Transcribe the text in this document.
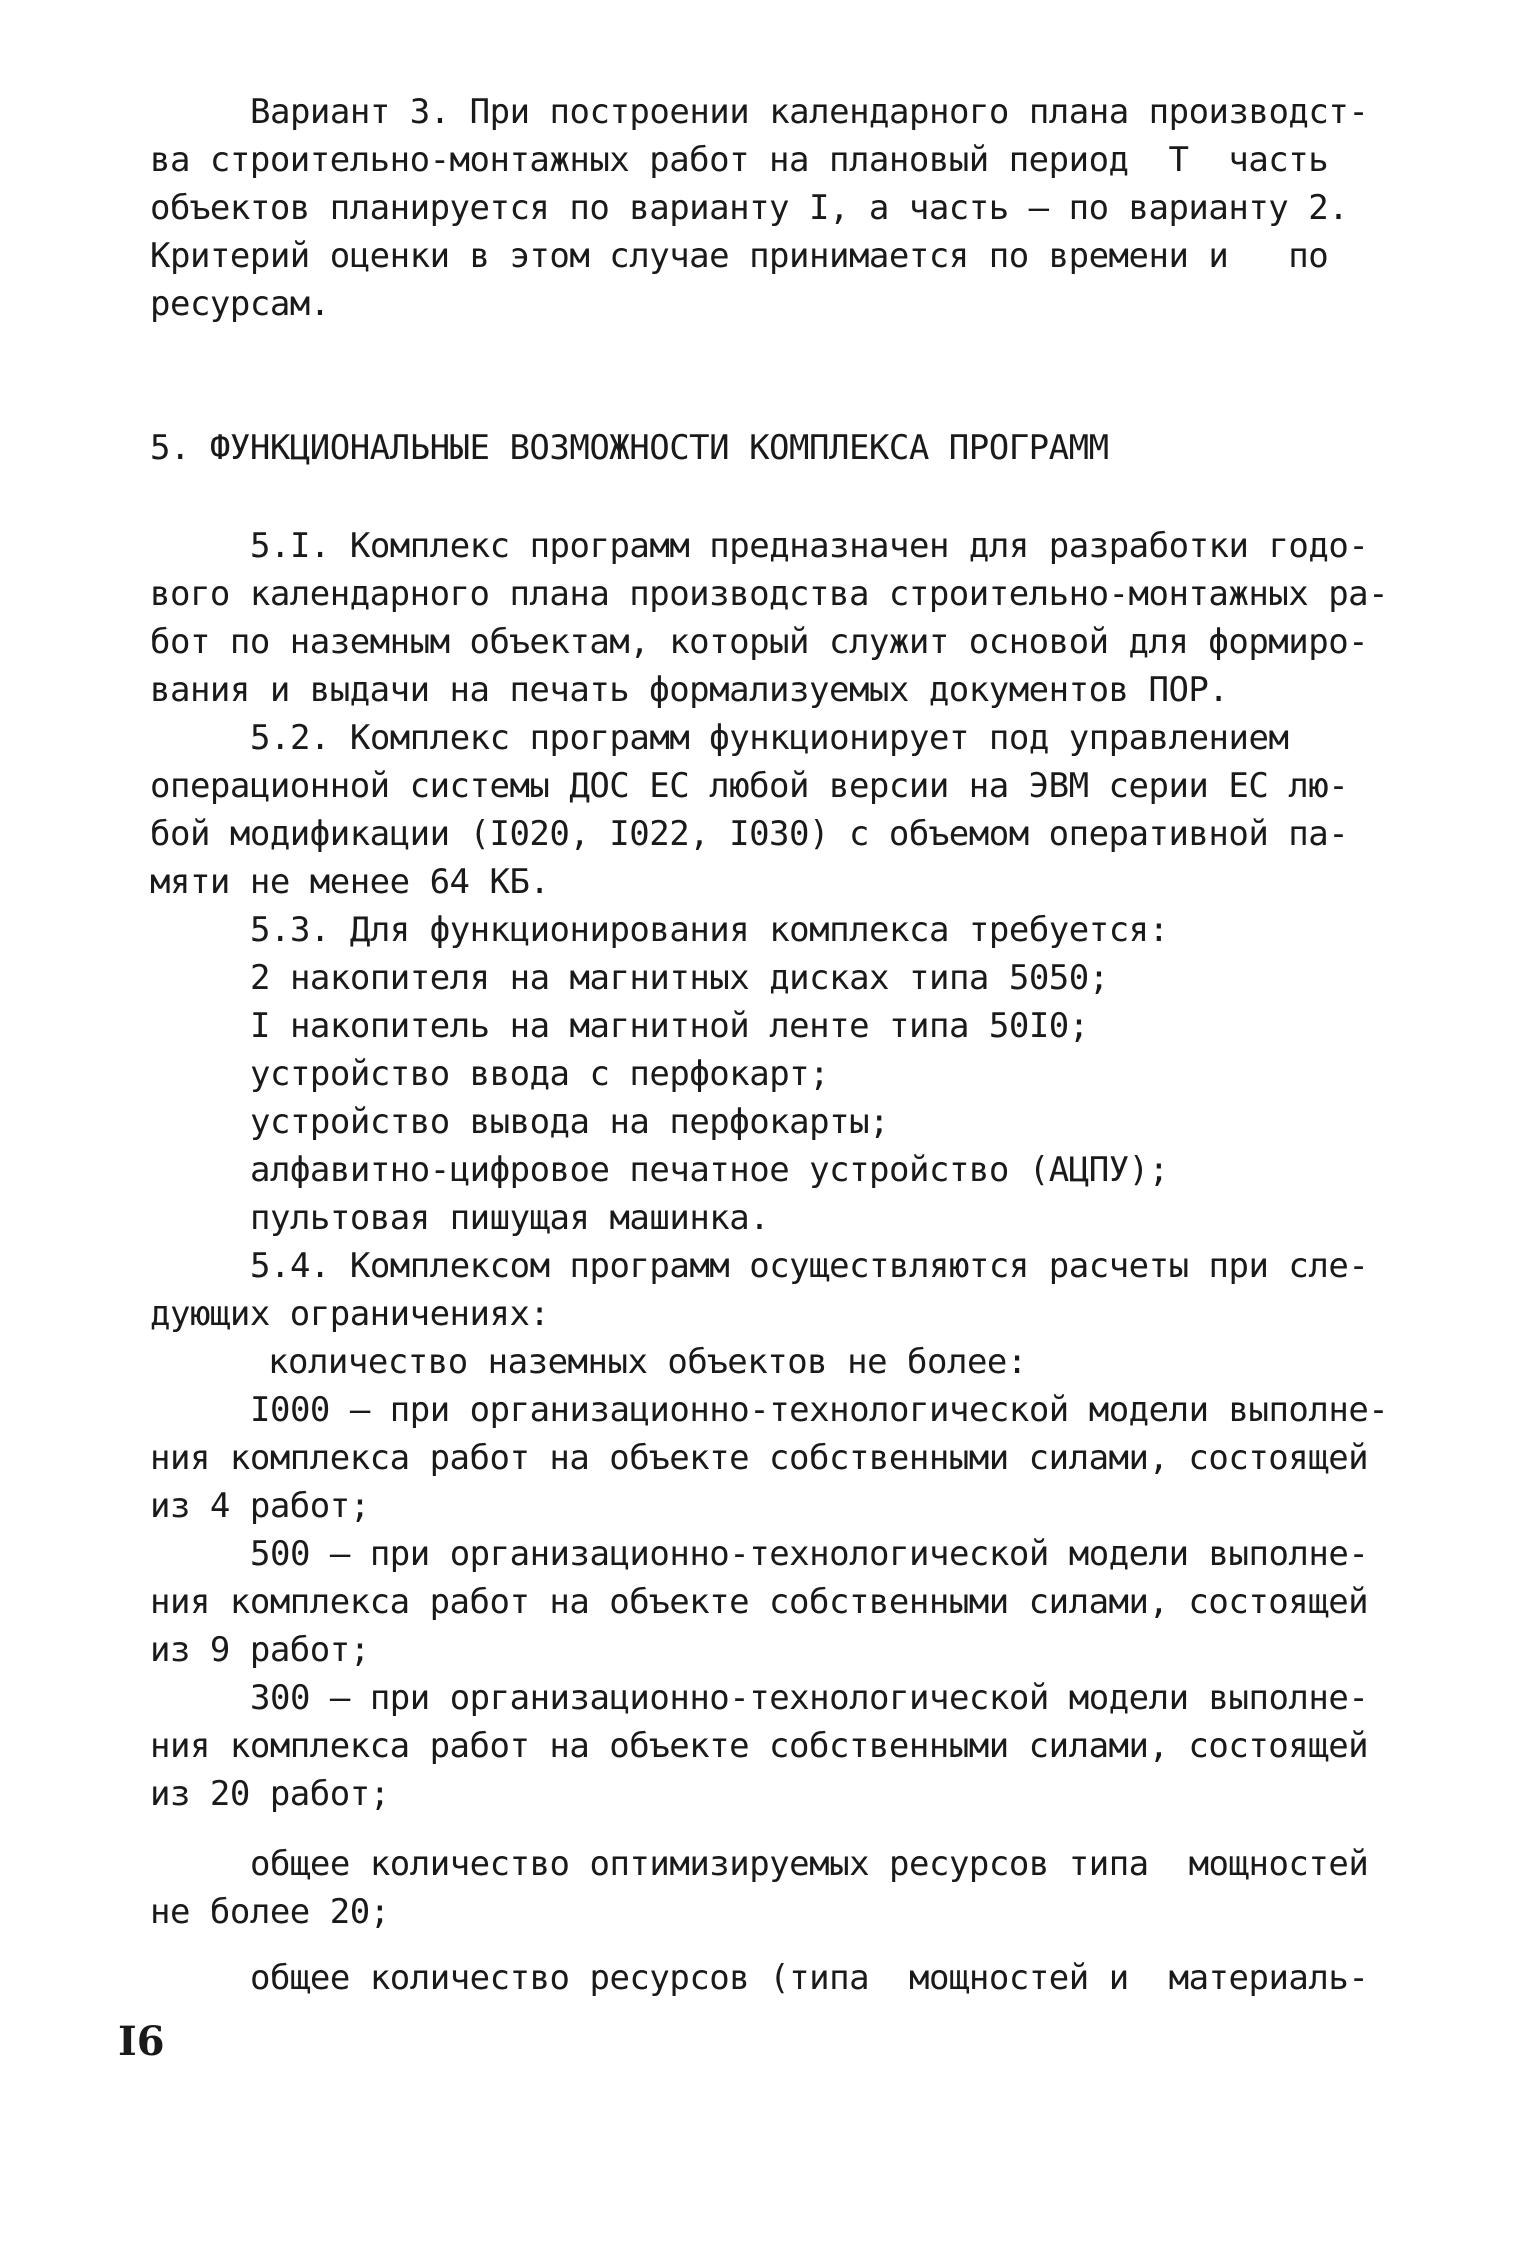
Вариант 3. При построении календарного плана производст-
ва строительно-монтажных работ на плановый период  T  часть
объектов планируется по варианту I, а часть – по варианту 2.
Критерий оценки в этом случае принимается по времени и   по
ресурсам.
5. ФУНКЦИОНАЛЬНЫЕ ВОЗМОЖНОСТИ КОМПЛЕКСА ПРОГРАММ
5.I. Комплекс программ предназначен для разработки годо-
вого календарного плана производства строительно-монтажных ра-
бот по наземным объектам, который служит основой для формиро-
вания и выдачи на печать формализуемых документов ПОР.
5.2. Комплекс программ функционирует под управлением
операционной системы ДОС ЕС любой версии на ЭВМ серии ЕС лю-
бой модификации (I020, I022, I030) с объемом оперативной па-
мяти не менее 64 КБ.
5.3. Для функционирования комплекса требуется:
2 накопителя на магнитных дисках типа 5050;
I накопитель на магнитной ленте типа 50I0;
устройство ввода с перфокарт;
устройство вывода на перфокарты;
алфавитно-цифровое печатное устройство (АЦПУ);
пультовая пишущая машинка.
5.4. Комплексом программ осуществляются расчеты при сле-
дующих ограничениях:
количество наземных объектов не более:
I000 – при организационно-технологической модели выполне-
ния комплекса работ на объекте собственными силами, состоящей
из 4 работ;
500 – при организационно-технологической модели выполне-
ния комплекса работ на объекте собственными силами, состоящей
из 9 работ;
300 – при организационно-технологической модели выполне-
ния комплекса работ на объекте собственными силами, состоящей
из 20 работ;
общее количество оптимизируемых ресурсов типа  мощностей
не более 20;
общее количество ресурсов (типа  мощностей и  материаль-
I6
